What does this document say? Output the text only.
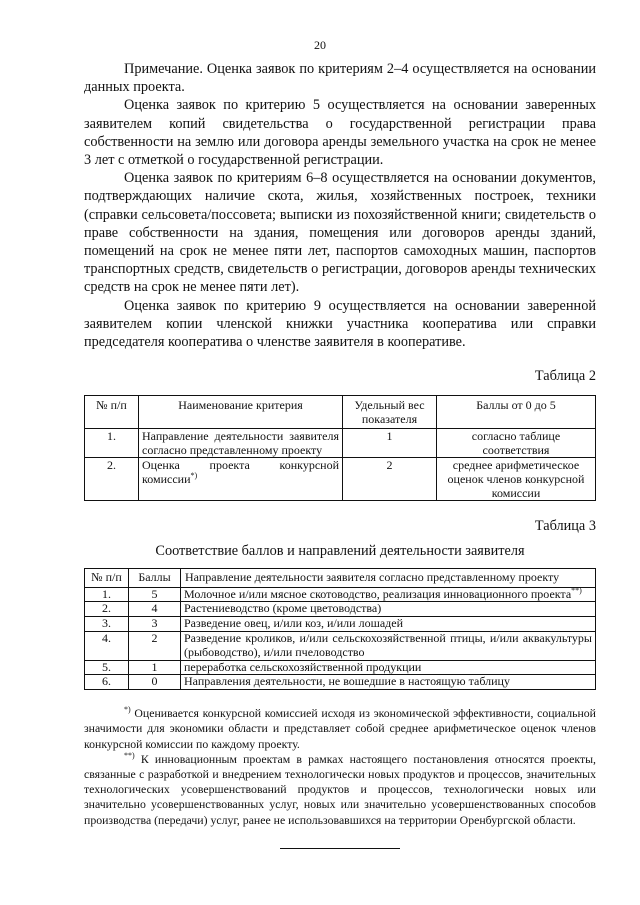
20

Примечание. Оценка заявок по критериям 2–4 осуществляется на основании данных проекта.

Оценка заявок по критерию 5 осуществляется на основании заверенных заявителем копий свидетельства о государственной регистрации права собственности на землю или договора аренды земельного участка на срок не менее 3 лет с отметкой о государственной регистрации.

Оценка заявок по критериям 6–8 осуществляется на основании документов, подтверждающих наличие скота, жилья, хозяйственных построек, техники (справки сельсовета/поссовета; выписки из похозяйственной книги; свидетельств о праве собственности на здания, помещения или договоров аренды зданий, помещений на срок не менее пяти лет, паспортов самоходных машин, паспортов транспортных средств, свидетельств о регистрации, договоров аренды технических средств на срок не менее пяти лет).

Оценка заявок по критерию 9 осуществляется на основании заверенной заявителем копии членской книжки участника кооператива или справки председателя кооператива о членстве заявителя в кооперативе.

Таблица 2
№ п/п	Наименование критерия	Удельный вес показателя	Баллы от 0 до 5
1.	Направление деятельности заявителя согласно представленному проекту	1	согласно таблице соответствия
2.	Оценка проекта конкурсной комиссии*)	2	среднее арифметическое оценок членов конкурсной комиссии
Таблица 3
Соответствие баллов и направлений деятельности заявителя
№ п/п	Баллы	Направление деятельности заявителя согласно представленному проекту
1.	5	Молочное и/или мясное скотоводство, реализация инновационного проекта**)
2.	4	Растениеводство (кроме цветоводства)
3.	3	Разведение овец, и/или коз, и/или лошадей
4.	2	Разведение кроликов, и/или сельскохозяйственной птицы, и/или аквакультуры (рыбоводство), и/или пчеловодство
5.	1	переработка сельскохозяйственной продукции
6.	0	Направления деятельности, не вошедшие в настоящую таблицу

*) Оценивается конкурсной комиссией исходя из экономической эффективности, социальной значимости для экономики области и представляет собой среднее арифметическое оценок членов конкурсной комиссии по каждому проекту.

**) К инновационным проектам в рамках настоящего постановления относятся проекты, связанные с разработкой и внедрением технологически новых продуктов и процессов, значительных технологических усовершенствований продуктов и процессов, технологически новых или значительно усовершенствованных услуг, новых или значительно усовершенствованных способов производства (передачи) услуг, ранее не использовавшихся на территории Оренбургской области.
